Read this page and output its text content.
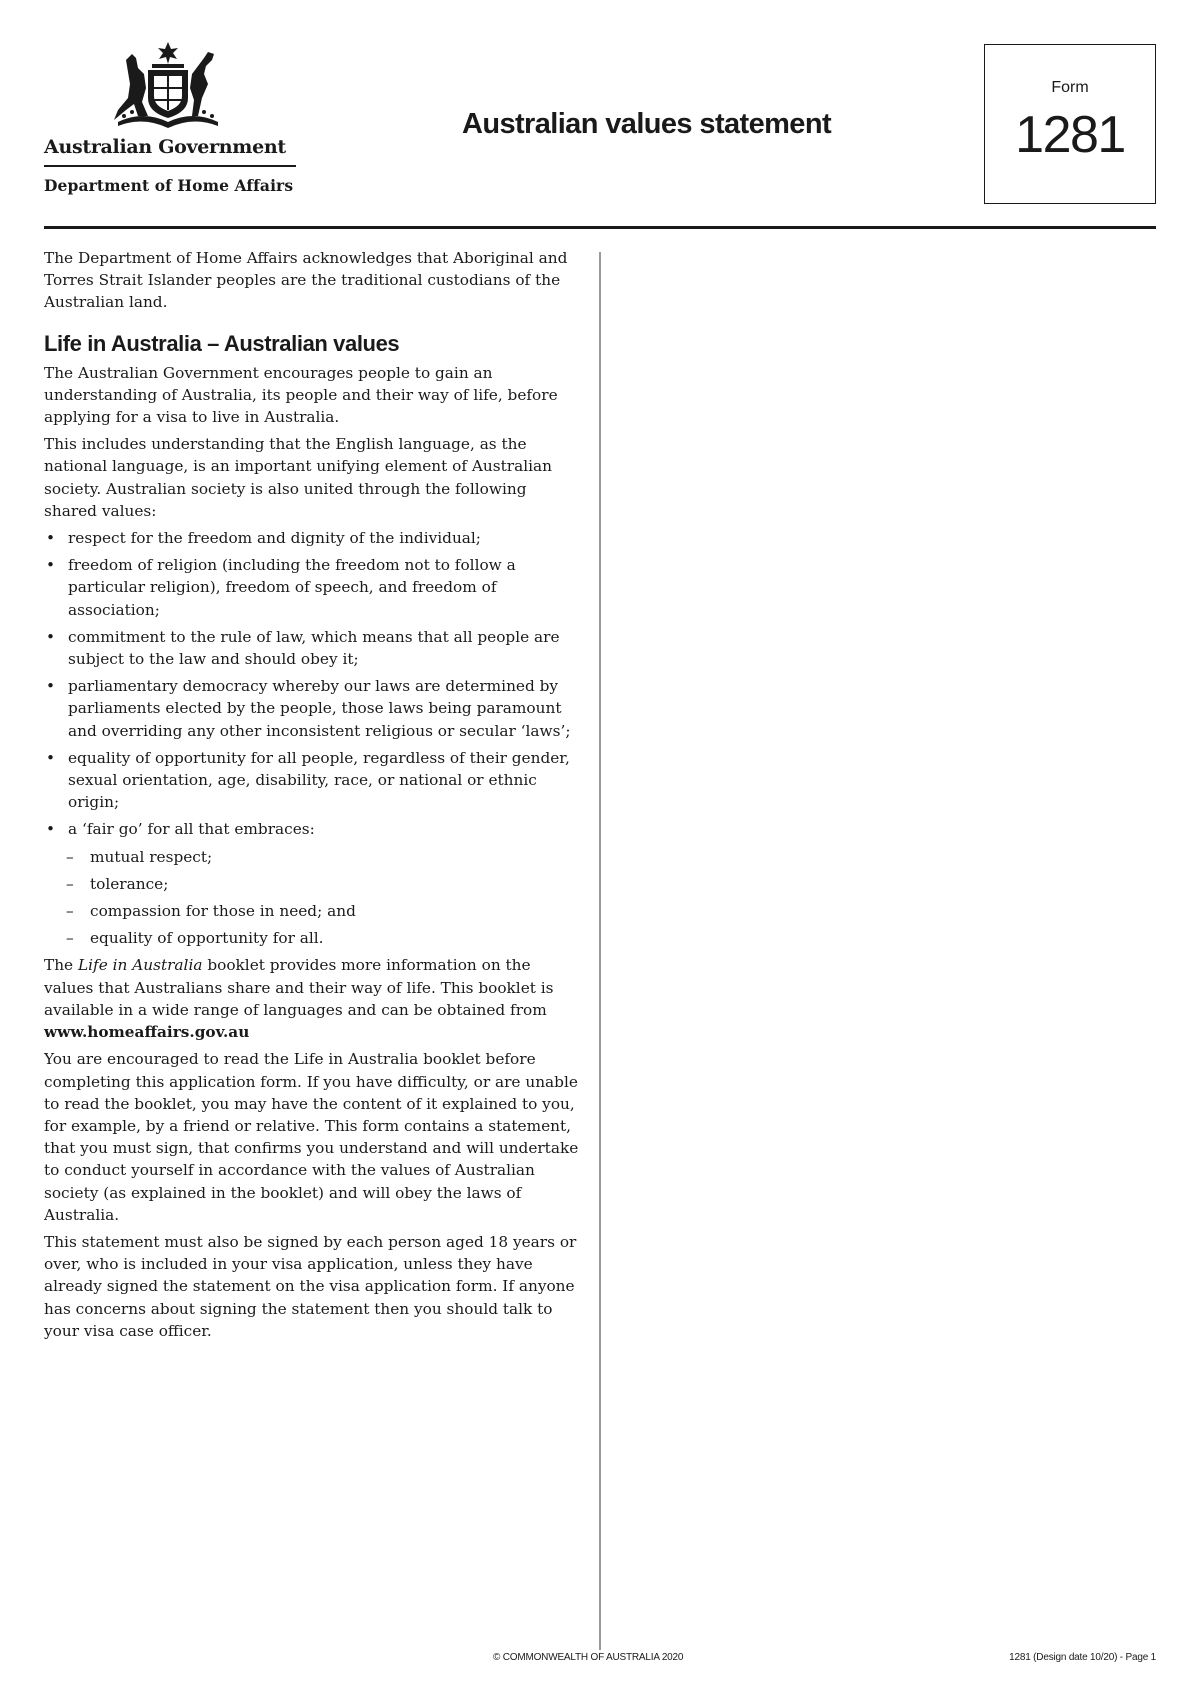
Australian Government
Department of Home Affairs
Australian values statement
Form
1281

The Department of Home Affairs acknowledges that Aboriginal and Torres Strait Islander peoples are the traditional custodians of the Australian land.

Life in Australia – Australian values

The Australian Government encourages people to gain an understanding of Australia, its people and their way of life, before applying for a visa to live in Australia.

This includes understanding that the English language, as the national language, is an important unifying element of Australian society. Australian society is also united through the following shared values:

• respect for the freedom and dignity of the individual;
• freedom of religion (including the freedom not to follow a particular religion), freedom of speech, and freedom of association;
• commitment to the rule of law, which means that all people are subject to the law and should obey it;
• parliamentary democracy whereby our laws are determined by parliaments elected by the people, those laws being paramount and overriding any other inconsistent religious or secular ‘laws’;
• equality of opportunity for all people, regardless of their gender, sexual orientation, age, disability, race, or national or ethnic origin;
• a ‘fair go’ for all that embraces:
– mutual respect;
– tolerance;
– compassion for those in need; and
– equality of opportunity for all.

The Life in Australia booklet provides more information on the values that Australians share and their way of life. This booklet is available in a wide range of languages and can be obtained from
www.homeaffairs.gov.au

You are encouraged to read the Life in Australia booklet before completing this application form. If you have difficulty, or are unable to read the booklet, you may have the content of it explained to you, for example, by a friend or relative. This form contains a statement, that you must sign, that confirms you understand and will undertake to conduct yourself in accordance with the values of Australian society (as explained in the booklet) and will obey the laws of Australia.

This statement must also be signed by each person aged 18 years or over, who is included in your visa application, unless they have already signed the statement on the visa application form. If anyone has concerns about signing the statement then you should talk to your visa case officer.

© COMMONWEALTH OF AUSTRALIA 2020	1281 (Design date 10/20) - Page 1
